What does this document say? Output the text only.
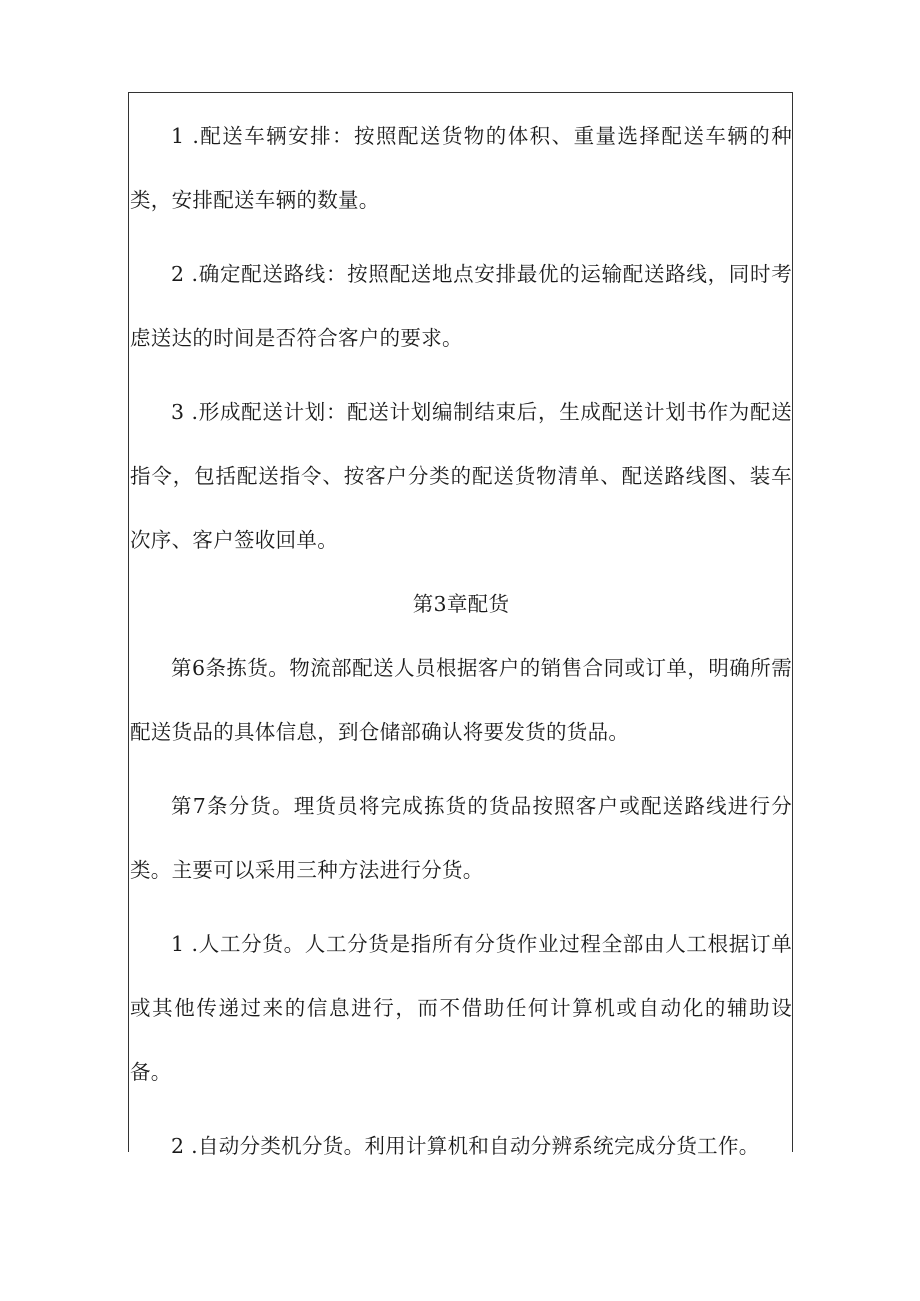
1 .配送车辆安排：按照配送货物的体积、重量选择配送车辆的种类，安排配送车辆的数量。

2 .确定配送路线：按照配送地点安排最优的运输配送路线，同时考虑送达的时间是否符合客户的要求。

3 .形成配送计划：配送计划编制结束后，生成配送计划书作为配送指令，包括配送指令、按客户分类的配送货物清单、配送路线图、装车次序、客户签收回单。

第3章配货

第6条拣货。物流部配送人员根据客户的销售合同或订单，明确所需配送货品的具体信息，到仓储部确认将要发货的货品。

第7条分货。理货员将完成拣货的货品按照客户或配送路线进行分类。主要可以采用三种方法进行分货。

1 .人工分货。人工分货是指所有分货作业过程全部由人工根据订单或其他传递过来的信息进行，而不借助任何计算机或自动化的辅助设备。

2 .自动分类机分货。利用计算机和自动分辨系统完成分货工作。
